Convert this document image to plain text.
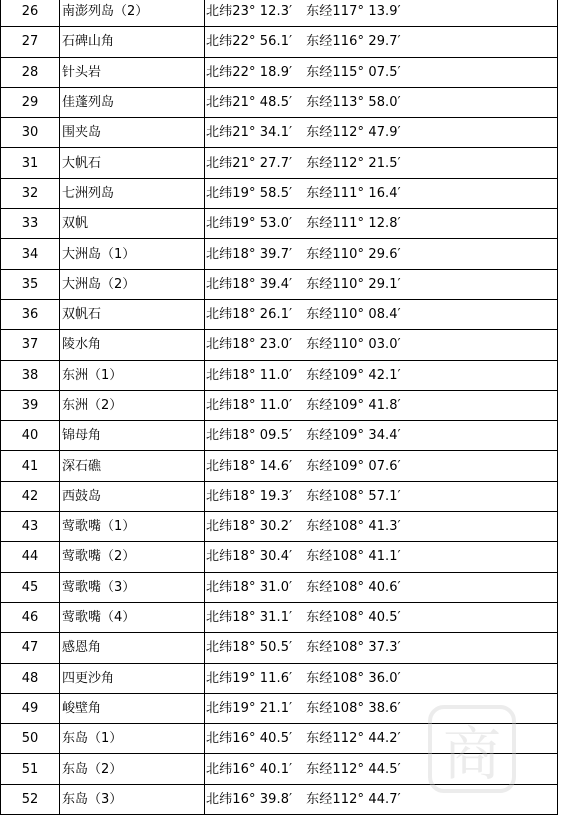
26	南澎列岛（2）	北纬23° 12.3′ 东经117° 13.9′
27	石碑山角	北纬22° 56.1′ 东经116° 29.7′
28	针头岩	北纬22° 18.9′ 东经115° 07.5′
29	佳蓬列岛	北纬21° 48.5′ 东经113° 58.0′
30	围夹岛	北纬21° 34.1′ 东经112° 47.9′
31	大帆石	北纬21° 27.7′ 东经112° 21.5′
32	七洲列岛	北纬19° 58.5′ 东经111° 16.4′
33	双帆	北纬19° 53.0′ 东经111° 12.8′
34	大洲岛（1）	北纬18° 39.7′ 东经110° 29.6′
35	大洲岛（2）	北纬18° 39.4′ 东经110° 29.1′
36	双帆石	北纬18° 26.1′ 东经110° 08.4′
37	陵水角	北纬18° 23.0′ 东经110° 03.0′
38	东洲（1）	北纬18° 11.0′ 东经109° 42.1′
39	东洲（2）	北纬18° 11.0′ 东经109° 41.8′
40	锦母角	北纬18° 09.5′ 东经109° 34.4′
41	深石礁	北纬18° 14.6′ 东经109° 07.6′
42	西鼓岛	北纬18° 19.3′ 东经108° 57.1′
43	莺歌嘴（1）	北纬18° 30.2′ 东经108° 41.3′
44	莺歌嘴（2）	北纬18° 30.4′ 东经108° 41.1′
45	莺歌嘴（3）	北纬18° 31.0′ 东经108° 40.6′
46	莺歌嘴（4）	北纬18° 31.1′ 东经108° 40.5′
47	感恩角	北纬18° 50.5′ 东经108° 37.3′
48	四更沙角	北纬19° 11.6′ 东经108° 36.0′
49	峻壁角	北纬19° 21.1′ 东经108° 38.6′
50	东岛（1）	北纬16° 40.5′ 东经112° 44.2′
51	东岛（2）	北纬16° 40.1′ 东经112° 44.5′
52	东岛（3）	北纬16° 39.8′ 东经112° 44.7′
商
